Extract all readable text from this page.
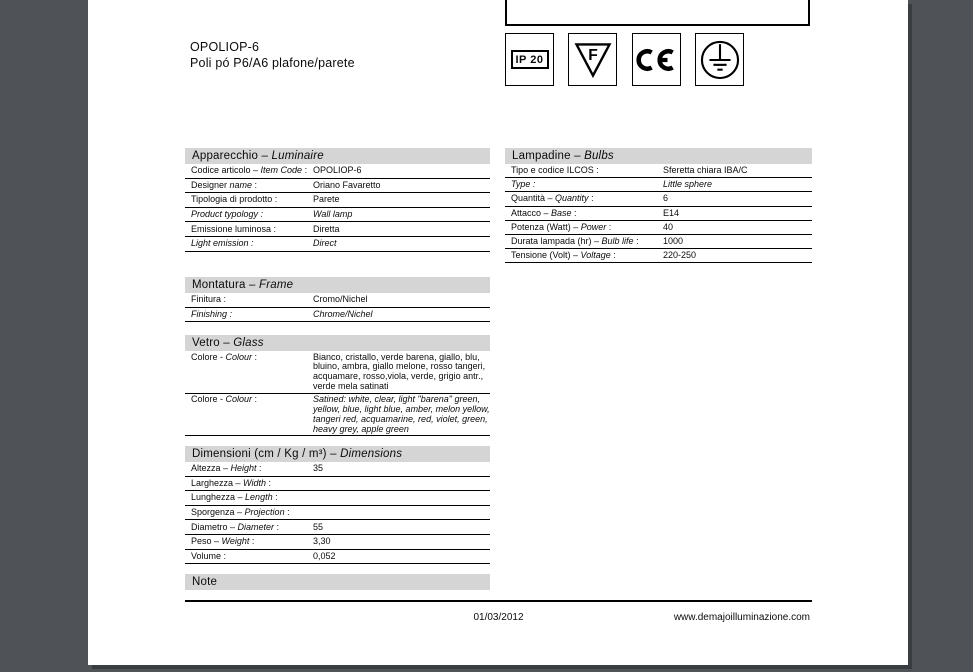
OPOLIOP-6
Poli pó P6/A6 plafone/parete	IP 20	F
Apparecchio – Luminaire
Codice articolo – Item Code : OPOLIOP-6
Designer name :	Oriano Favaretto
Tipologia di prodotto :	Parete
Product typology :	Wall lamp
Emissione luminosa :	Diretta
Light emission :	Direct
Lampadine – Bulbs
Tipo e codice ILCOS :	Sferetta chiara IBA/C
Type :	Little sphere
Quantità – Quantity :	6
Attacco – Base :	E14
Potenza (Watt) – Power :	40
Durata lampada (hr) – Bulb life :	1000
Tensione (Volt) – Voltage :	220-250
Montatura – Frame
Finitura :	Cromo/Nichel
Finishing :	Chrome/Nichel
Vetro – Glass
Colore - Colour :	Bianco, cristallo, verde barena, giallo, blu, bluino, ambra, giallo melone, rosso tangeri, acquamare, rosso,viola, verde, grigio antr., verde mela satinati
Colore - Colour :	Satined: white, clear, light "barena" green, yellow, blue, light blue, amber, melon yellow, tangeri red, acquamarine, red, violet, green, heavy grey, apple green
Dimensioni (cm / Kg / m³) – Dimensions
Altezza – Height :	35
Larghezza – Width :
Lunghezza – Length :
Sporgenza – Projection :
Diametro – Diameter :	55
Peso – Weight :	3,30
Volume :	0,052
Note
01/03/2012	www.demajoilluminazione.com
